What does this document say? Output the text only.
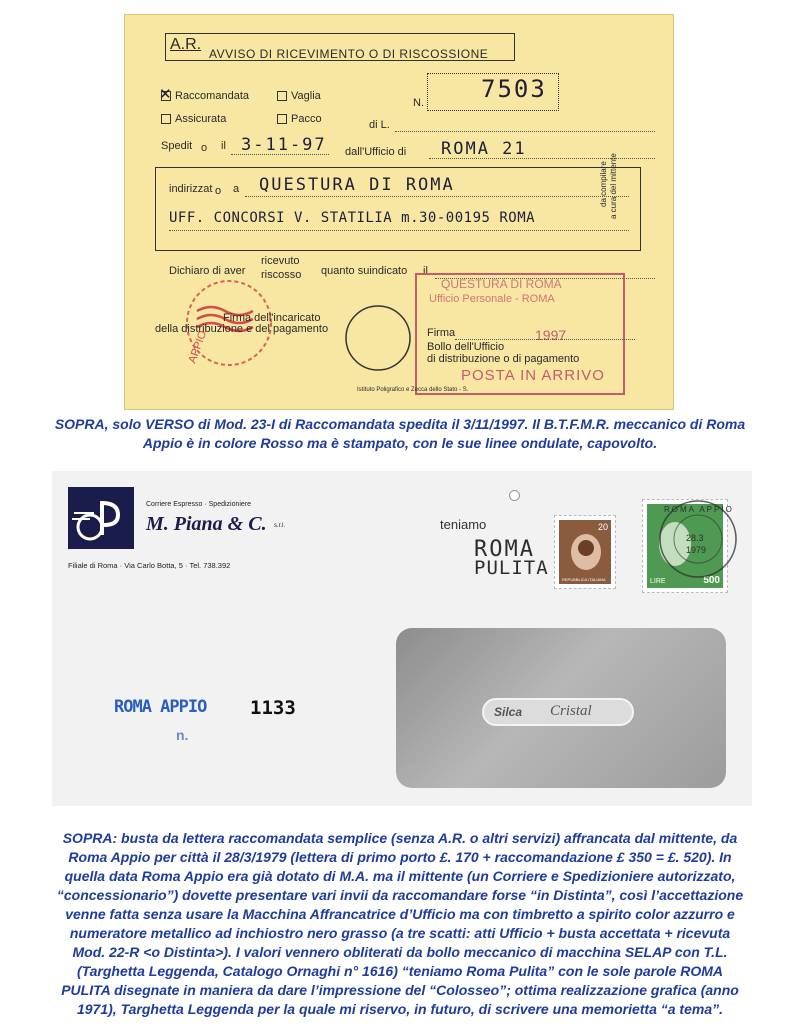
A.R.
AVVISO DI RICEVIMENTO O DI RISCOSSIONE
✕ Raccomandata	Vaglia
N. 7503
Assicurata	Pacco	di L.
Spedit o il 3-11-97 dall'Ufficio di ROMA 21
indirizzat o a QUESTURA DI ROMA
UFF. CONCORSI V. STATILIA m.30-00195 ROMA
da compilare a cura del mittente
Dichiaro di aver
ricevuto
riscosso quanto suindicato il
QUESTURA DI ROMA
Ufficio Personale - ROMA
1997
POSTA IN ARRIVO
APPIO
Firma dell'incaricato
della distribuzione e del pagamento	Firma
Bollo dell'Ufficio
di distribuzione o di pagamento
Istituto Poligrafico e Zecca dello Stato - S.
SOPRA, solo VERSO di Mod. 23-I di Raccomandata spedita il 3/11/1997. Il B.T.F.M.R. meccanico di Roma
Appio è in colore Rosso ma è stampato, con le sue linee ondulate, capovolto.
Corriere Espresso · Spedizioniere
M. Piana & C. s.r.l.
Filiale di Roma · Via Carlo Botta, 5 · Tel. 738.392
teniamo
ROMA
PULITA
20
REPUBBLICA ITALIANA	LIRE	500
ROMA APPIO
28.3
1979
ROMA APPIO
n.
1133	Silca Cristal
SOPRA: busta da lettera raccomandata semplice (senza A.R. o altri servizi) affrancata dal mittente, da
Roma Appio per città il 28/3/1979 (lettera di primo porto £. 170 + raccomandazione £ 350 = £. 520). In
quella data Roma Appio era già dotato di M.A. ma il mittente (un Corriere e Spedizioniere autorizzato,
“concessionario”) dovette presentare vari invii da raccomandare forse “in Distinta”, così l’accettazione
venne fatta senza usare la Macchina Affrancatrice d’Ufficio ma con timbretto a spirito color azzurro e
numeratore metallico ad inchiostro nero grasso (a tre scatti: atti Ufficio + busta accettata + ricevuta
Mod. 22-R <o Distinta>). I valori vennero obliterati da bollo meccanico di macchina SELAP con T.L.
(Targhetta Leggenda, Catalogo Ornaghi n° 1616) “teniamo Roma Pulita” con le sole parole ROMA
PULITA disegnate in maniera da dare l’impressione del “Colosseo”; ottima realizzazione grafica (anno
1971), Targhetta Leggenda per la quale mi riservo, in futuro, di scrivere una memorietta “a tema”.
